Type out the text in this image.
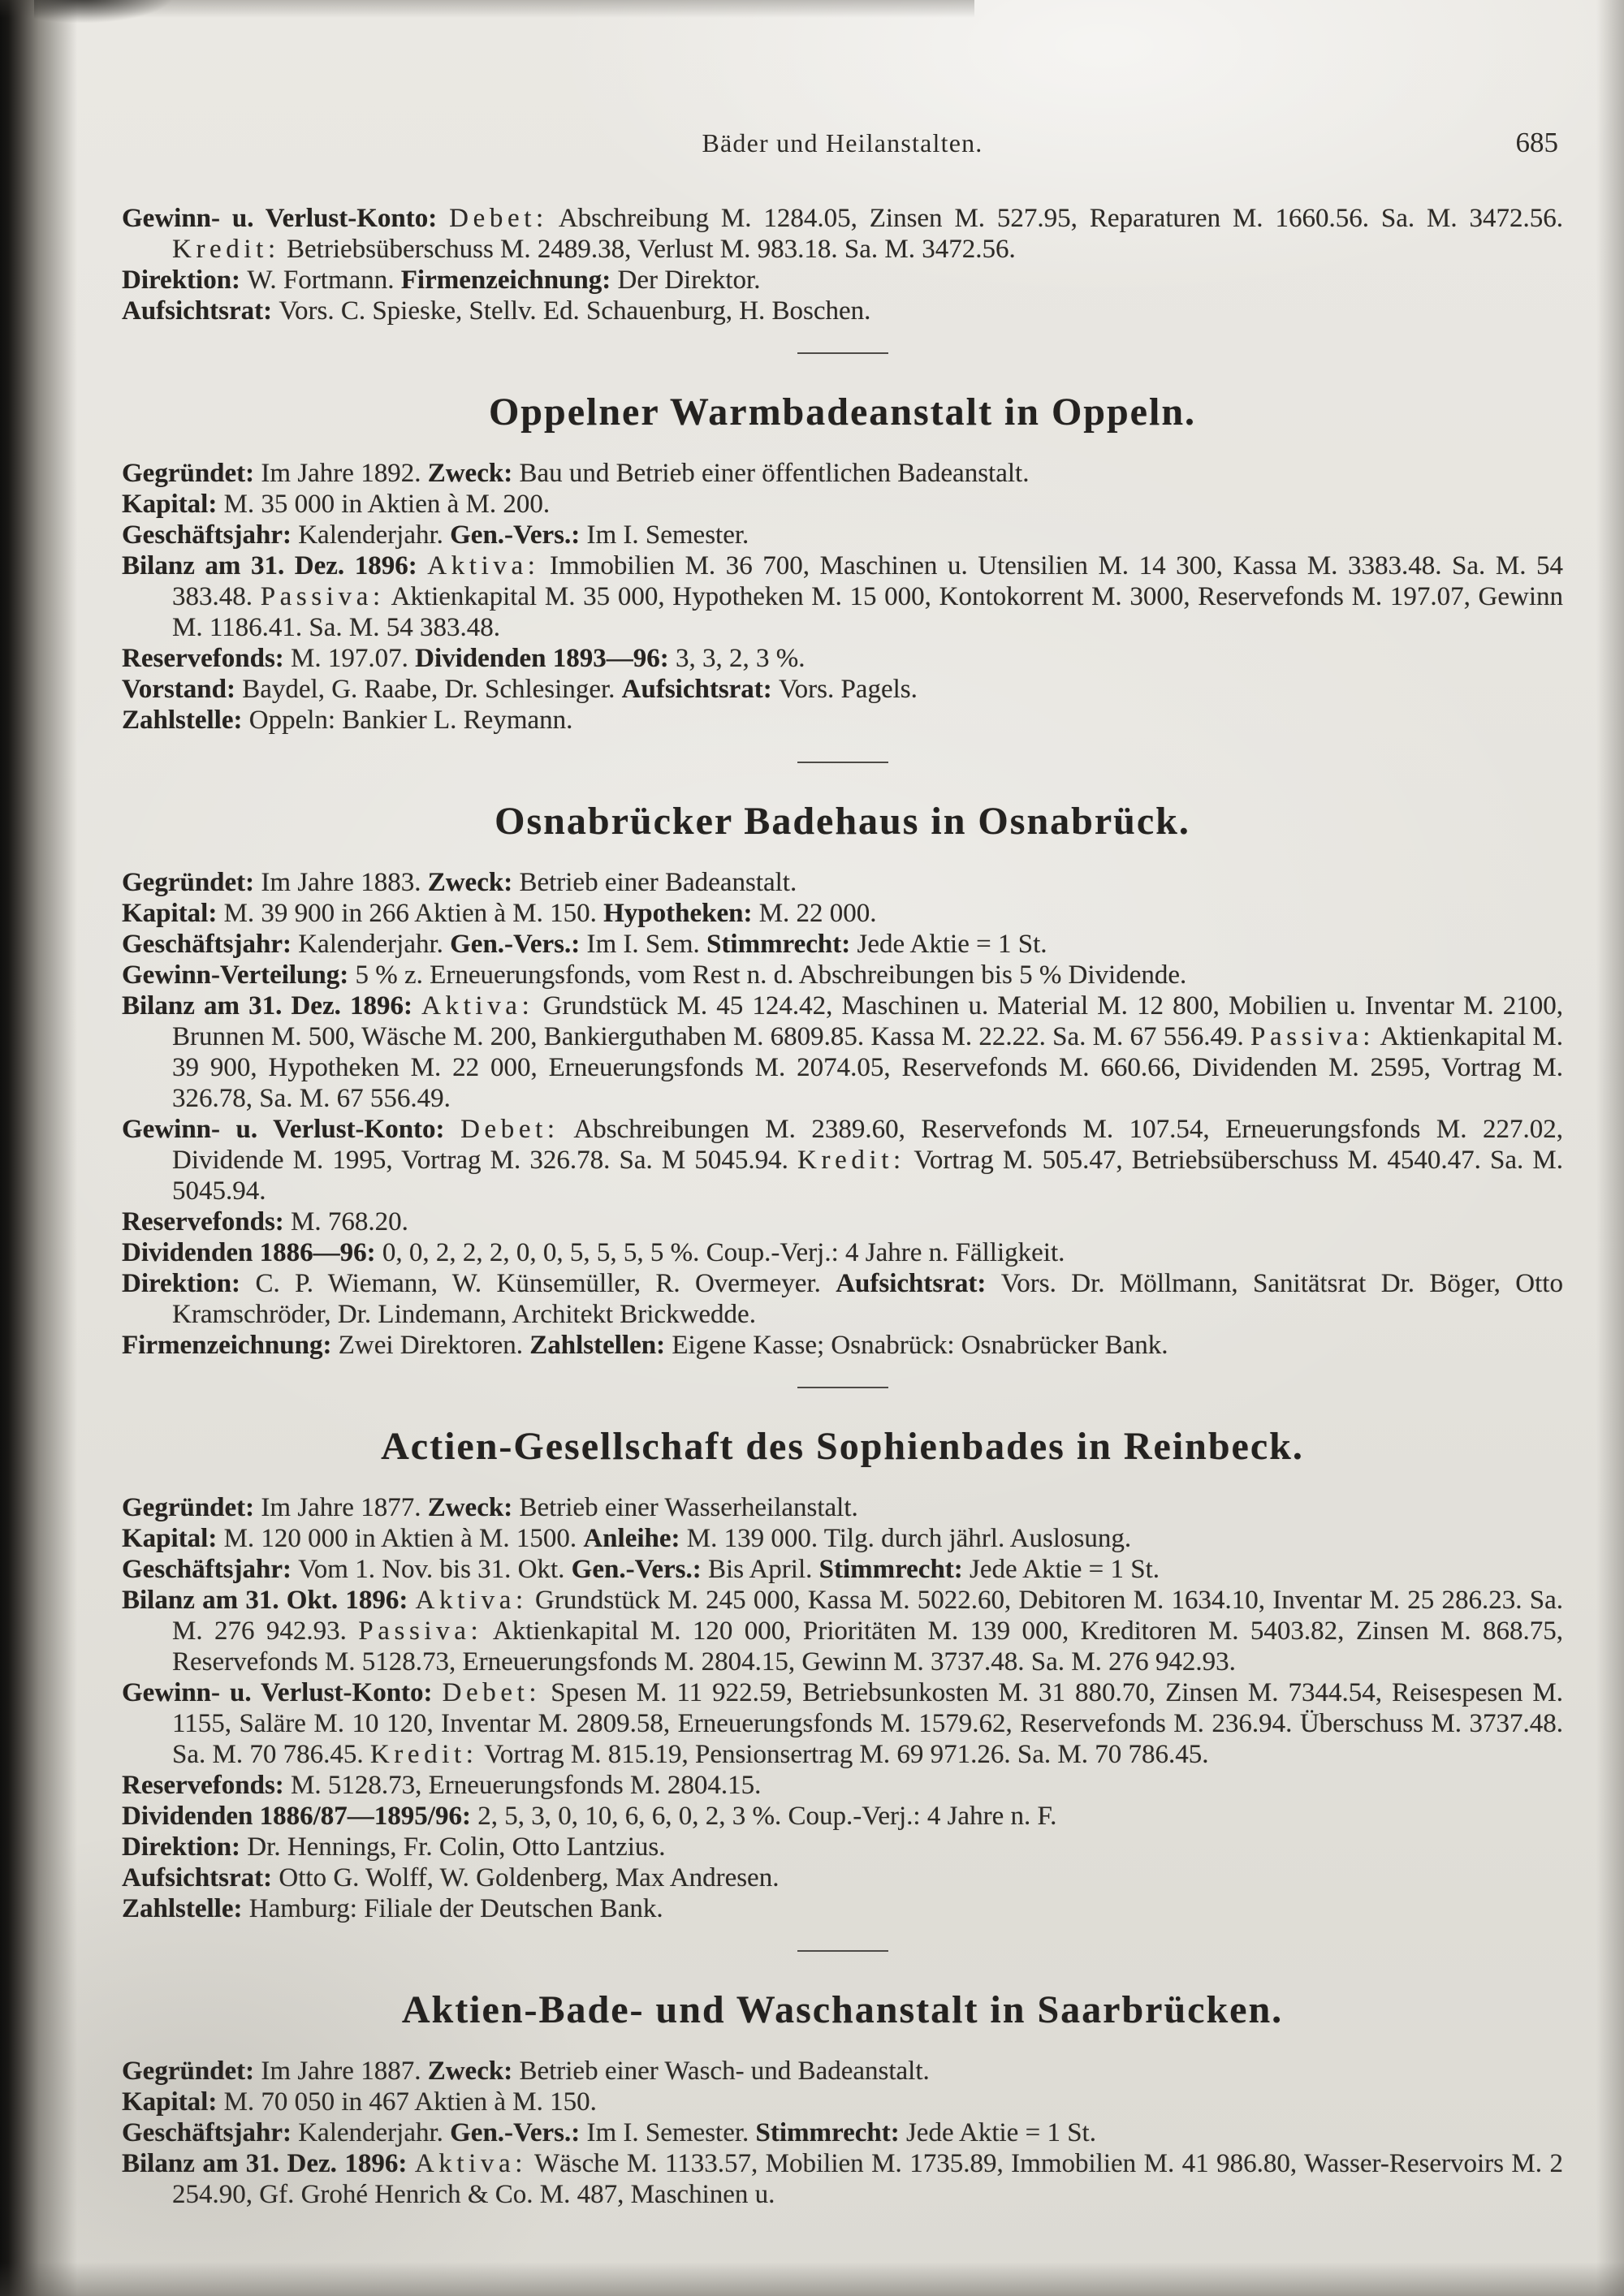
Bäder und Heilanstalten.	685

Gewinn- u. Verlust-Konto: Debet: Abschreibung M. 1284.05, Zinsen M. 527.95, Reparaturen M. 1660.56. Sa. M. 3472.56. Kredit: Betriebsüberschuss M. 2489.38, Verlust M. 983.18. Sa. M. 3472.56.

Direktion: W. Fortmann. Firmenzeichnung: Der Direktor.

Aufsichtsrat: Vors. C. Spieske, Stellv. Ed. Schauenburg, H. Boschen.

Oppelner Warmbadeanstalt in Oppeln.

Gegründet: Im Jahre 1892. Zweck: Bau und Betrieb einer öffentlichen Badeanstalt.

Kapital: M. 35 000 in Aktien à M. 200.

Geschäftsjahr: Kalenderjahr. Gen.-Vers.: Im I. Semester.

Bilanz am 31. Dez. 1896: Aktiva: Immobilien M. 36 700, Maschinen u. Utensilien M. 14 300, Kassa M. 3383.48. Sa. M. 54 383.48. Passiva: Aktienkapital M. 35 000, Hypotheken M. 15 000, Kontokorrent M. 3000, Reservefonds M. 197.07, Gewinn M. 1186.41. Sa. M. 54 383.48.

Reservefonds: M. 197.07. Dividenden 1893—96: 3, 3, 2, 3 %.

Vorstand: Baydel, G. Raabe, Dr. Schlesinger. Aufsichtsrat: Vors. Pagels.

Zahlstelle: Oppeln: Bankier L. Reymann.

Osnabrücker Badehaus in Osnabrück.

Gegründet: Im Jahre 1883. Zweck: Betrieb einer Badeanstalt.

Kapital: M. 39 900 in 266 Aktien à M. 150. Hypotheken: M. 22 000.

Geschäftsjahr: Kalenderjahr. Gen.-Vers.: Im I. Sem. Stimmrecht: Jede Aktie = 1 St.

Gewinn-Verteilung: 5 % z. Erneuerungsfonds, vom Rest n. d. Abschreibungen bis 5 % Dividende.

Bilanz am 31. Dez. 1896: Aktiva: Grundstück M. 45 124.42, Maschinen u. Material M. 12 800, Mobilien u. Inventar M. 2100, Brunnen M. 500, Wäsche M. 200, Bankierguthaben M. 6809.85. Kassa M. 22.22. Sa. M. 67 556.49. Passiva: Aktienkapital M. 39 900, Hypotheken M. 22 000, Erneuerungsfonds M. 2074.05, Reservefonds M. 660.66, Dividenden M. 2595, Vortrag M. 326.78, Sa. M. 67 556.49.

Gewinn- u. Verlust-Konto: Debet: Abschreibungen M. 2389.60, Reservefonds M. 107.54, Erneuerungsfonds M. 227.02, Dividende M. 1995, Vortrag M. 326.78. Sa. M 5045.94. Kredit: Vortrag M. 505.47, Betriebsüberschuss M. 4540.47. Sa. M. 5045.94.

Reservefonds: M. 768.20.

Dividenden 1886—96: 0, 0, 2, 2, 2, 0, 0, 5, 5, 5, 5 %. Coup.-Verj.: 4 Jahre n. Fälligkeit.

Direktion: C. P. Wiemann, W. Künsemüller, R. Overmeyer. Aufsichtsrat: Vors. Dr. Möllmann, Sanitätsrat Dr. Böger, Otto Kramschröder, Dr. Lindemann, Architekt Brickwedde.

Firmenzeichnung: Zwei Direktoren. Zahlstellen: Eigene Kasse; Osnabrück: Osnabrücker Bank.

Actien-Gesellschaft des Sophienbades in Reinbeck.

Gegründet: Im Jahre 1877. Zweck: Betrieb einer Wasserheilanstalt.

Kapital: M. 120 000 in Aktien à M. 1500. Anleihe: M. 139 000. Tilg. durch jährl. Auslosung.

Geschäftsjahr: Vom 1. Nov. bis 31. Okt. Gen.-Vers.: Bis April. Stimmrecht: Jede Aktie = 1 St.

Bilanz am 31. Okt. 1896: Aktiva: Grundstück M. 245 000, Kassa M. 5022.60, Debitoren M. 1634.10, Inventar M. 25 286.23. Sa. M. 276 942.93. Passiva: Aktienkapital M. 120 000, Prioritäten M. 139 000, Kreditoren M. 5403.82, Zinsen M. 868.75, Reservefonds M. 5128.73, Erneuerungsfonds M. 2804.15, Gewinn M. 3737.48. Sa. M. 276 942.93.

Gewinn- u. Verlust-Konto: Debet: Spesen M. 11 922.59, Betriebsunkosten M. 31 880.70, Zinsen M. 7344.54, Reisespesen M. 1155, Saläre M. 10 120, Inventar M. 2809.58, Erneuerungsfonds M. 1579.62, Reservefonds M. 236.94. Überschuss M. 3737.48. Sa. M. 70 786.45. Kredit: Vortrag M. 815.19, Pensionsertrag M. 69 971.26. Sa. M. 70 786.45.

Reservefonds: M. 5128.73, Erneuerungsfonds M. 2804.15.

Dividenden 1886/87—1895/96: 2, 5, 3, 0, 10, 6, 6, 0, 2, 3 %. Coup.-Verj.: 4 Jahre n. F.

Direktion: Dr. Hennings, Fr. Colin, Otto Lantzius.

Aufsichtsrat: Otto G. Wolff, W. Goldenberg, Max Andresen.

Zahlstelle: Hamburg: Filiale der Deutschen Bank.

Aktien-Bade- und Waschanstalt in Saarbrücken.

Gegründet: Im Jahre 1887. Zweck: Betrieb einer Wasch- und Badeanstalt.

Kapital: M. 70 050 in 467 Aktien à M. 150.

Geschäftsjahr: Kalenderjahr. Gen.-Vers.: Im I. Semester. Stimmrecht: Jede Aktie = 1 St.

Bilanz am 31. Dez. 1896: Aktiva: Wäsche M. 1133.57, Mobilien M. 1735.89, Immobilien M. 41 986.80, Wasser-Reservoirs M. 2 254.90, Gf. Grohé Henrich & Co. M. 487, Maschinen u.
